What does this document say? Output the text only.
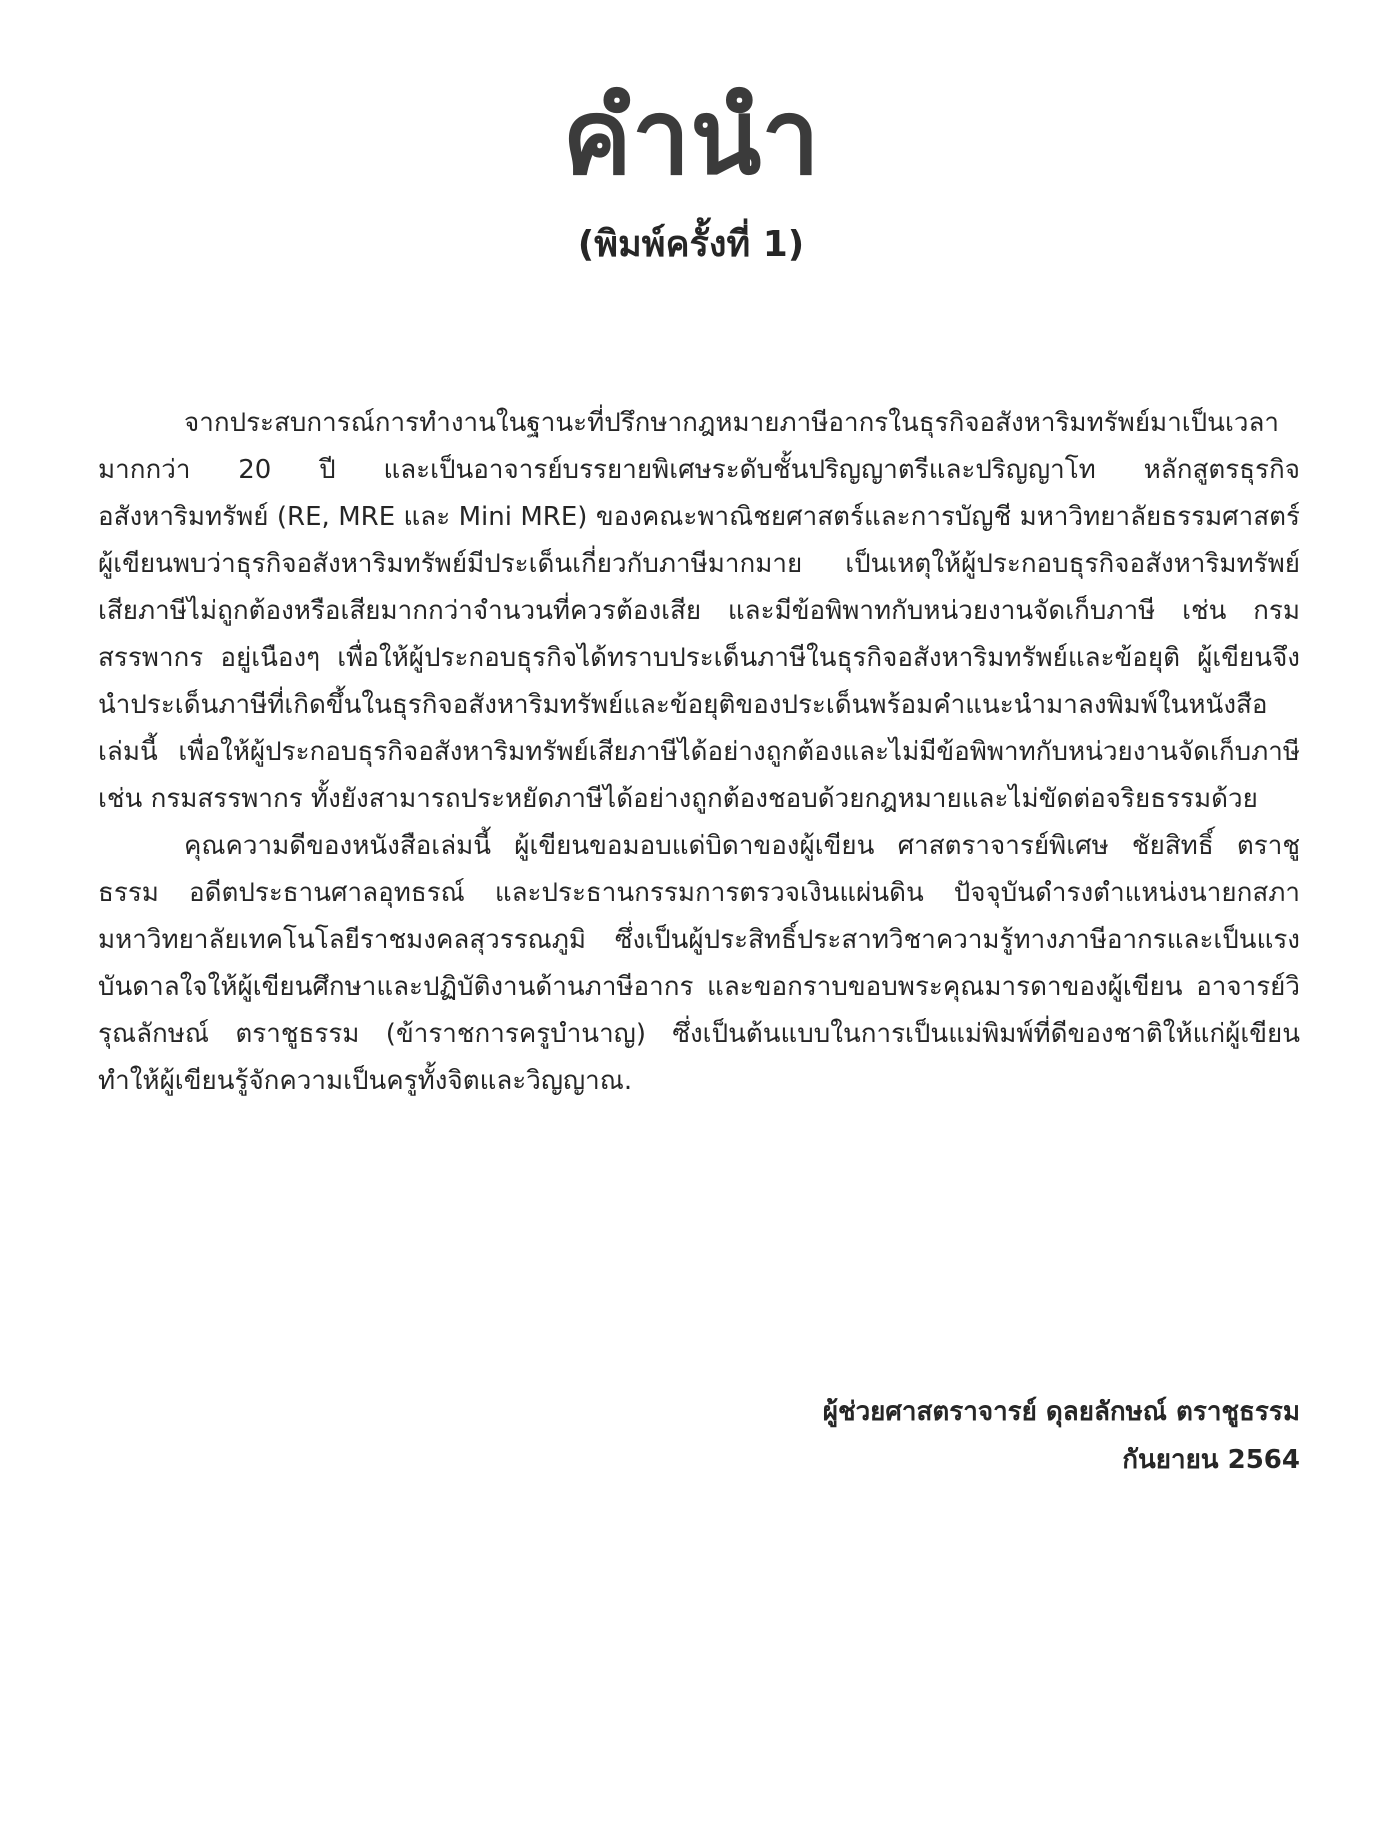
คำนำ
(พิมพ์ครั้งที่ 1)

จากประสบการณ์การทำงานในฐานะที่ปรึกษากฎหมายภาษีอากรในธุรกิจอสังหาริมทรัพย์มาเป็นเวลามากกว่า 20 ปี และเป็นอาจารย์บรรยายพิเศษระดับชั้นปริญญาตรีและปริญญาโท หลักสูตรธุรกิจอสังหาริมทรัพย์ (RE, MRE และ Mini MRE) ของคณะพาณิชยศาสตร์และการบัญชี มหาวิทยาลัยธรรมศาสตร์ ผู้เขียนพบว่าธุรกิจอสังหาริมทรัพย์มีประเด็นเกี่ยวกับภาษีมากมาย เป็นเหตุให้ผู้ประกอบธุรกิจอสังหาริมทรัพย์เสียภาษีไม่ถูกต้องหรือเสียมากกว่าจำนวนที่ควรต้องเสีย และมีข้อพิพาทกับหน่วยงานจัดเก็บภาษี เช่น กรมสรรพากร อยู่เนืองๆ เพื่อให้ผู้ประกอบธุรกิจได้ทราบประเด็นภาษีในธุรกิจอสังหาริมทรัพย์และข้อยุติ ผู้เขียนจึงนำประเด็นภาษีที่เกิดขึ้นในธุรกิจอสังหาริมทรัพย์และข้อยุติของประเด็นพร้อมคำแนะนำมาลงพิมพ์ในหนังสือเล่มนี้ เพื่อให้ผู้ประกอบธุรกิจอสังหาริมทรัพย์เสียภาษีได้อย่างถูกต้องและไม่มีข้อพิพาทกับหน่วยงานจัดเก็บภาษี เช่น กรมสรรพากร ทั้งยังสามารถประหยัดภาษีได้อย่างถูกต้องชอบด้วยกฎหมายและไม่ขัดต่อจริยธรรมด้วย

คุณความดีของหนังสือเล่มนี้ ผู้เขียนขอมอบแด่บิดาของผู้เขียน ศาสตราจารย์พิเศษ ชัยสิทธิ์ ตราชูธรรม อดีตประธานศาลอุทธรณ์ และประธานกรรมการตรวจเงินแผ่นดิน ปัจจุบันดำรงตำแหน่งนายกสภามหาวิทยาลัยเทคโนโลยีราชมงคลสุวรรณภูมิ ซึ่งเป็นผู้ประสิทธิ์ประสาทวิชาความรู้ทางภาษีอากรและเป็นแรงบันดาลใจให้ผู้เขียนศึกษาและปฏิบัติงานด้านภาษีอากร และขอกราบขอบพระคุณมารดาของผู้เขียน อาจารย์วิรุณลักษณ์ ตราชูธรรม (ข้าราชการครูบำนาญ) ซึ่งเป็นต้นแบบในการเป็นแม่พิมพ์ที่ดีของชาติให้แก่ผู้เขียน ทำให้ผู้เขียนรู้จักความเป็นครูทั้งจิตและวิญญาณ.

ผู้ช่วยศาสตราจารย์ ดุลยลักษณ์ ตราชูธรรม
กันยายน 2564
